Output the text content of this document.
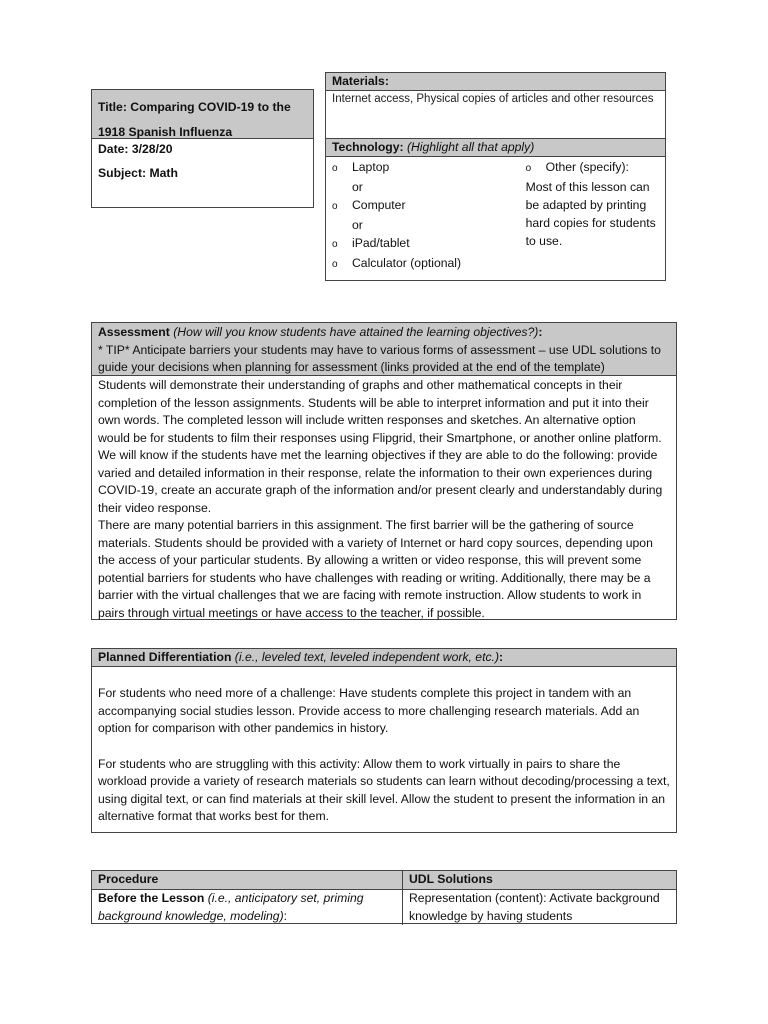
Title: Comparing COVID-19 to the 1918 Spanish Influenza
Date: 3/28/20
Subject: Math
Materials:
Internet access, Physical copies of articles and other resources
Technology: (Highlight all that apply)
o Laptop
or
o Computer
or
o iPad/tablet
o Calculator (optional)
o Other (specify):
Most of this lesson can be adapted by printing hard copies for students to use.
Assessment (How will you know students have attained the learning objectives?):
* TIP* Anticipate barriers your students may have to various forms of assessment – use UDL solutions to guide your decisions when planning for assessment (links provided at the end of the template)
Students will demonstrate their understanding of graphs and other mathematical concepts in their completion of the lesson assignments. Students will be able to interpret information and put it into their own words. The completed lesson will include written responses and sketches. An alternative option would be for students to film their responses using Flipgrid, their Smartphone, or another online platform. We will know if the students have met the learning objectives if they are able to do the following: provide varied and detailed information in their response, relate the information to their own experiences during COVID-19, create an accurate graph of the information and/or present clearly and understandably during their video response.
There are many potential barriers in this assignment. The first barrier will be the gathering of source materials. Students should be provided with a variety of Internet or hard copy sources, depending upon the access of your particular students. By allowing a written or video response, this will prevent some potential barriers for students who have challenges with reading or writing. Additionally, there may be a barrier with the virtual challenges that we are facing with remote instruction. Allow students to work in pairs through virtual meetings or have access to the teacher, if possible.
Planned Differentiation (i.e., leveled text, leveled independent work, etc.):

For students who need more of a challenge: Have students complete this project in tandem with an accompanying social studies lesson. Provide access to more challenging research materials. Add an option for comparison with other pandemics in history.

For students who are struggling with this activity: Allow them to work virtually in pairs to share the workload provide a variety of research materials so students can learn without decoding/processing a text, using digital text, or can find materials at their skill level. Allow the student to present the information in an alternative format that works best for them.

Procedure	UDL Solutions
Before the Lesson (i.e., anticipatory set, priming background knowledge, modeling):
Representation (content): Activate background knowledge by having students
